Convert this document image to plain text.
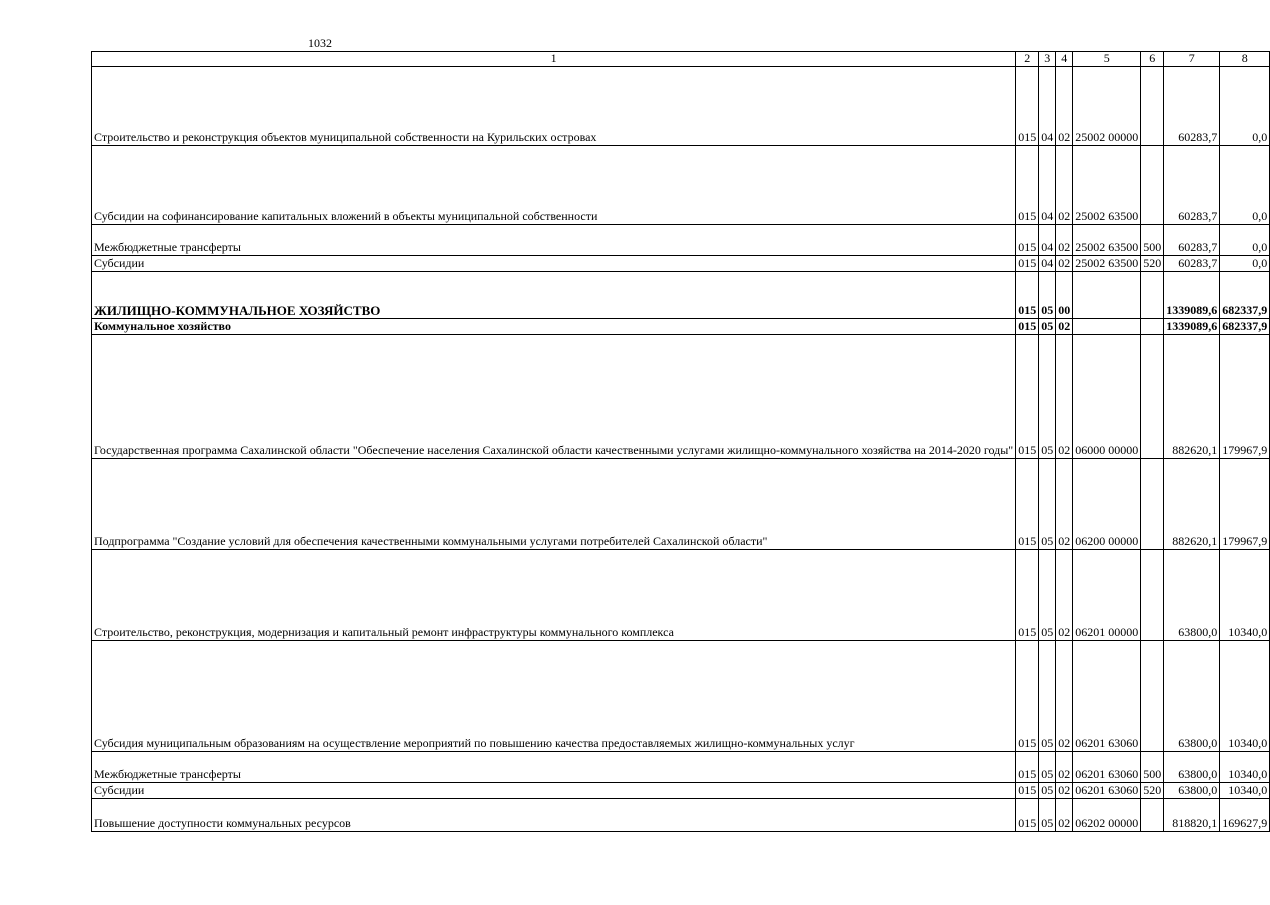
1032
1	2	3	4	5	6	7	8
Строительство и реконструкция объектов муниципальной собственности на Курильских островах	015	04	02	25002 00000		60283,7	0,0
Субсидии на софинансирование капитальных вложений в объекты муниципальной собственности	015	04	02	25002 63500		60283,7	0,0
Межбюджетные трансферты	015	04	02	25002 63500	500	60283,7	0,0
Субсидии	015	04	02	25002 63500	520	60283,7	0,0
ЖИЛИЩНО-КОММУНАЛЬНОЕ ХОЗЯЙСТВО	015	05	00			1339089,6	682337,9
Коммунальное хозяйство	015	05	02			1339089,6	682337,9
Государственная программа Сахалинской области "Обеспечение населения Сахалинской области качественными услугами жилищно-коммунального хозяйства на 2014-2020 годы"	015	05	02	06000 00000		882620,1	179967,9
Подпрограмма "Создание условий для обеспечения качественными коммунальными услугами потребителей Сахалинской области"	015	05	02	06200 00000		882620,1	179967,9
Строительство, реконструкция, модернизация и капитальный ремонт инфраструктуры коммунального комплекса	015	05	02	06201 00000		63800,0	10340,0
Субсидия муниципальным образованиям на осуществление мероприятий по повышению качества предоставляемых жилищно-коммунальных услуг	015	05	02	06201 63060		63800,0	10340,0
Межбюджетные трансферты	015	05	02	06201 63060	500	63800,0	10340,0
Субсидии	015	05	02	06201 63060	520	63800,0	10340,0
Повышение доступности коммунальных ресурсов	015	05	02	06202 00000		818820,1	169627,9
